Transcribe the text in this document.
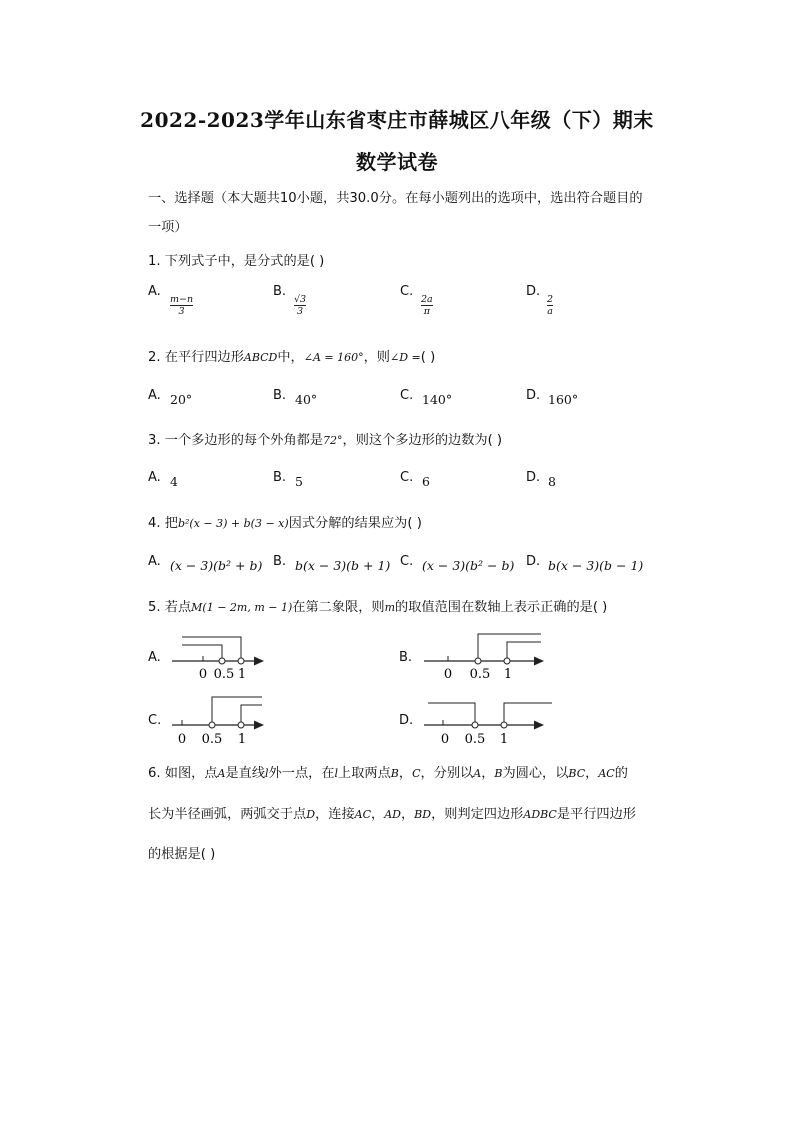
2022-2023学年山东省枣庄市薛城区八年级（下）期末
数学试卷
一、选择题（本大题共10小题，共30.0分。在每小题列出的选项中，选出符合题目的
一项）
1. 下列式子中，是分式的是( )
A.
m−n
3
B.
√3
3
C.
2a
π
D.
2
a
2. 在平行四边形ABCD中，∠A = 160°，则∠D =( )
A. 20°	B. 40°	C. 140°	D. 160°
3. 一个多边形的每个外角都是72°，则这个多边形的边数为( )
A. 4	B. 5	C. 6	D. 8
4. 把b²(x − 3) + b(3 − x)因式分解的结果应为( )
A. (x − 3)(b² + b) B. b(x − 3)(b + 1) C. (x − 3)(b² − b) D. b(x − 3)(b − 1)
5. 若点M(1 − 2m, m − 1)在第二象限，则m的取值范围在数轴上表示正确的是( )
A.
0 0.5 1
B.
0 0.5 1
C.
0 0.5 1
D.
0 0.5 1
6. 如图，点A是直线l外一点，在l上取两点B，C，分别以A，B为圆心，以BC，AC的
长为半径画弧，两弧交于点D，连接AC，AD，BD，则判定四边形ADBC是平行四边形
的根据是( )
